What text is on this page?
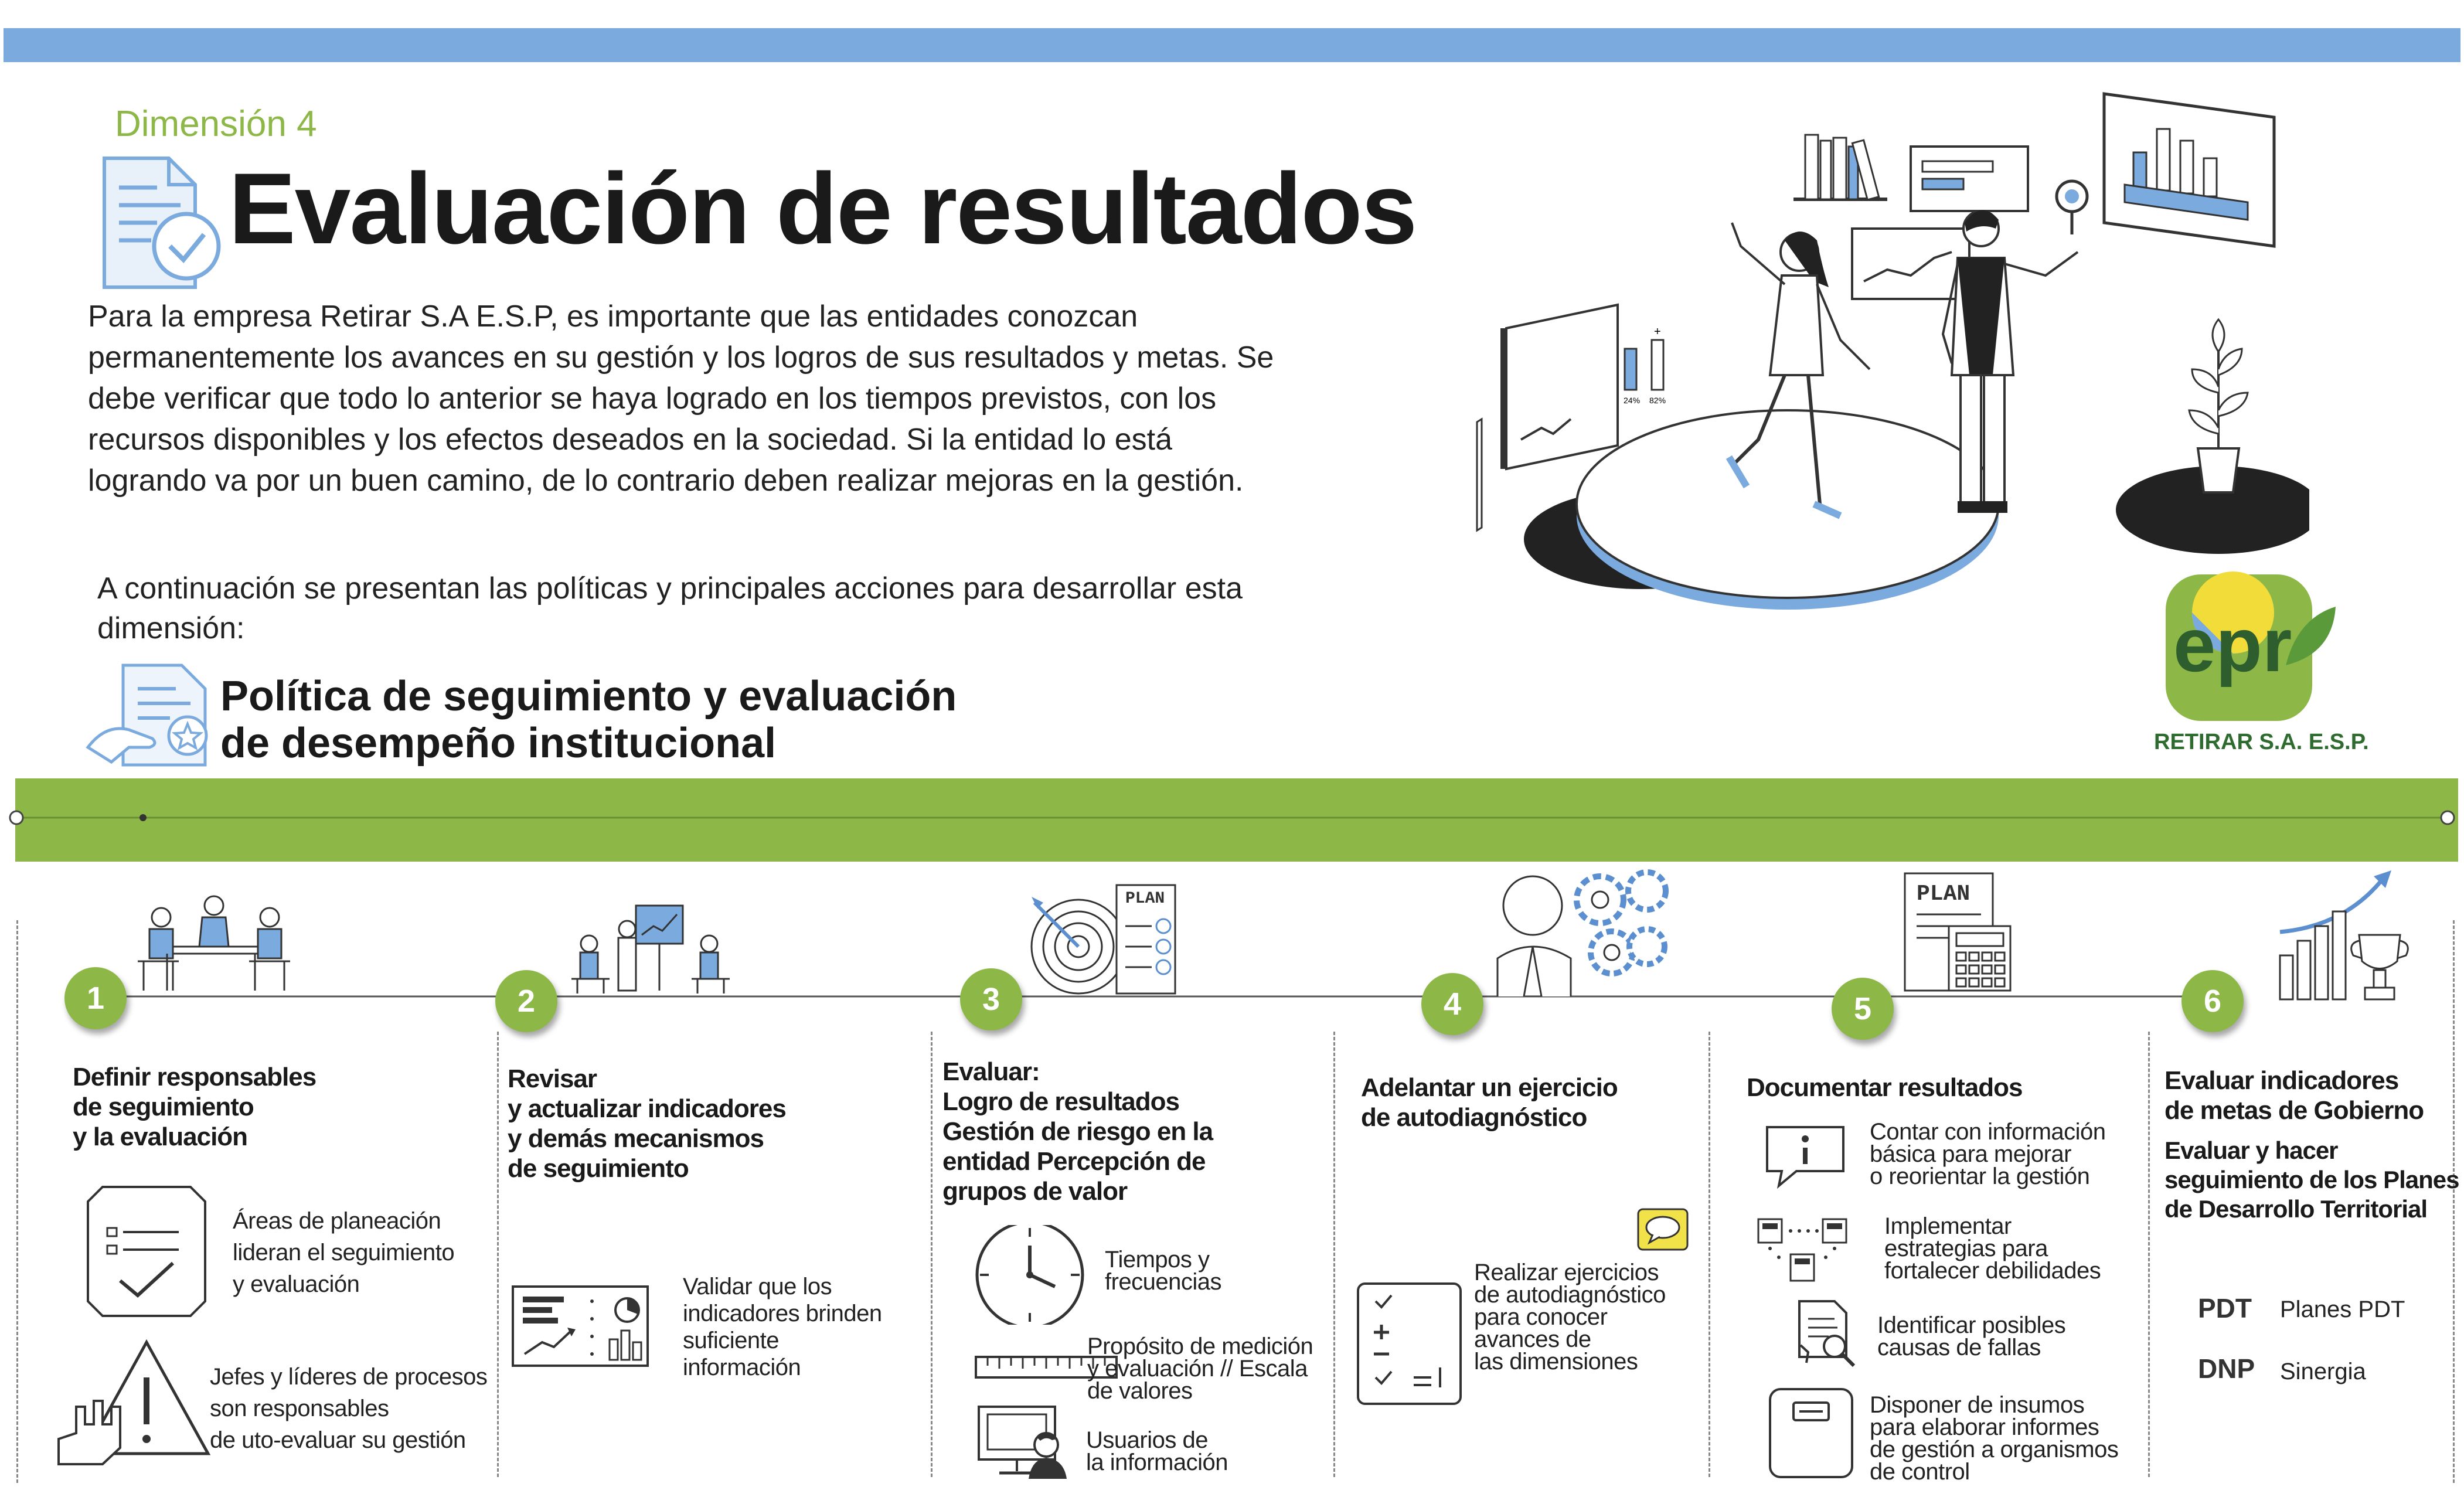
Dimensión 4
Evaluación de resultados
Para la empresa Retirar S.A E.S.P, es importante que las entidades conozcan permanentemente los avances en su gestión y los logros de sus resultados y metas. Se debe verificar que todo lo anterior se haya logrado en los tiempos previstos, con los recursos disponibles y los efectos deseados en la sociedad. Si la entidad lo está logrando va por un buen camino, de lo contrario deben realizar mejoras en la gestión.
A continuación se presentan las políticas y principales acciones para desarrollar esta dimensión:
Política de seguimiento y evaluación
de desempeño institucional
24% 82%
+
epr
RETIRAR S.A. E.S.P.
PLAN	PLAN
1	2	3	4	5	6
Definir responsables
de seguimiento
y la evaluación
Áreas de planeación
lideran el seguimiento
y evaluación
Jefes y líderes de procesos
son responsables
de uto-evaluar su gestión
Revisar
y actualizar indicadores
y demás mecanismos
de seguimiento
Validar que los
indicadores brinden
suficiente
información
Evaluar:
Logro de resultados
Gestión de riesgo en la
entidad Percepción de
grupos de valor
Tiempos y
frecuencias
Propósito de medición
y evaluación // Escala
de valores
Usuarios de
la información
Adelantar un ejercicio
de autodiagnóstico
Realizar ejercicios
de autodiagnóstico
para conocer
avances de
las dimensiones
Documentar resultados
Contar con información
básica para mejorar
o reorientar la gestión
Implementar
estrategias para
fortalecer debilidades
Identificar posibles
causas de fallas
Disponer de insumos
para elaborar informes
de gestión a organismos
de control
Evaluar indicadores
de metas de Gobierno
Evaluar y hacer
seguimiento de los Planes
de Desarrollo Territorial
PDT Planes PDT
DNP Sinergia
